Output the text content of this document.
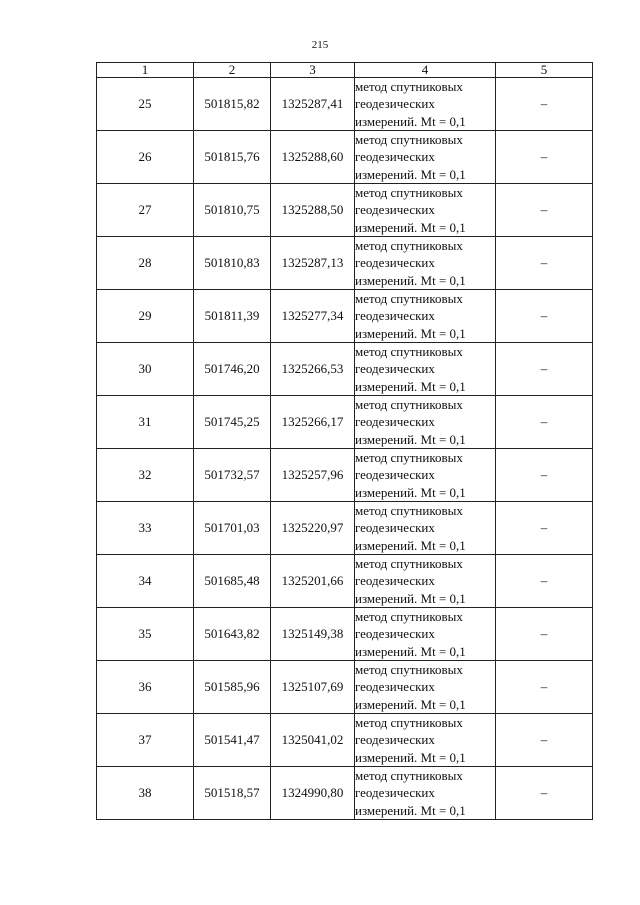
215
1	2	3	4	5
25	501815,82	1325287,41	метод спутниковых
геодезических
измерений. Mt = 0,1	–
26	501815,76	1325288,60	метод спутниковых
геодезических
измерений. Mt = 0,1	–
27	501810,75	1325288,50	метод спутниковых
геодезических
измерений. Mt = 0,1	–
28	501810,83	1325287,13	метод спутниковых
геодезических
измерений. Mt = 0,1	–
29	501811,39	1325277,34	метод спутниковых
геодезических
измерений. Mt = 0,1	–
30	501746,20	1325266,53	метод спутниковых
геодезических
измерений. Mt = 0,1	–
31	501745,25	1325266,17	метод спутниковых
геодезических
измерений. Mt = 0,1	–
32	501732,57	1325257,96	метод спутниковых
геодезических
измерений. Mt = 0,1	–
33	501701,03	1325220,97	метод спутниковых
геодезических
измерений. Mt = 0,1	–
34	501685,48	1325201,66	метод спутниковых
геодезических
измерений. Mt = 0,1	–
35	501643,82	1325149,38	метод спутниковых
геодезических
измерений. Mt = 0,1	–
36	501585,96	1325107,69	метод спутниковых
геодезических
измерений. Mt = 0,1	–
37	501541,47	1325041,02	метод спутниковых
геодезических
измерений. Mt = 0,1	–
38	501518,57	1324990,80	метод спутниковых
геодезических
измерений. Mt = 0,1	–
